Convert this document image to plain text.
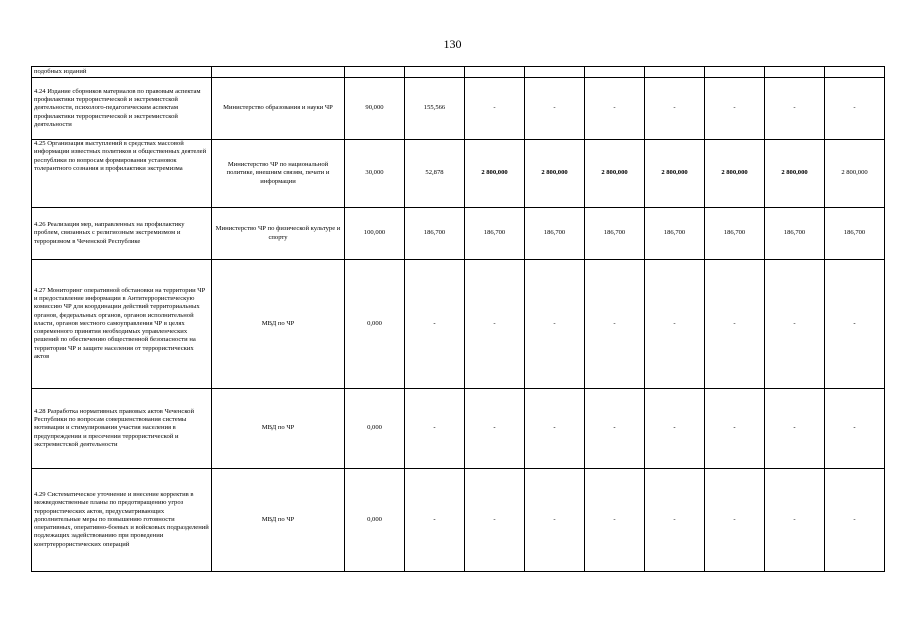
130
подобных изданий										
4.24 Издание сборников материалов по правовым аспектам профилактики террористической и экстремистской деятельности, психолого-педагогическим аспектам профилактики террористической и экстремистской деятельности	Министерство образования и науки ЧР	90,000	155,566	-	-	-	-	-	-	-
4.25 Организация выступлений в средствах массовой информации известных политиков и общественных деятелей республики по вопросам формирования установок толерантного сознания и профилактики экстремизма	Министерство ЧР по национальной политике, внешним связям, печати и информации	30,000	52,878	2 800,000	2 800,000	2 800,000	2 800,000	2 800,000	2 800,000	2 800,000
4.26 Реализация мер, направленных на профилактику проблем, связанных с религиозным экстремизмом и терроризмом в Чеченской Республике	Министерство ЧР по физической культуре и спорту	100,000	186,700	186,700	186,700	186,700	186,700	186,700	186,700	186,700
4.27 Мониторинг оперативной обстановки на территории ЧР и предоставление информации в Антитеррористическую комиссию ЧР для координации действий территориальных органов, федеральных органов, органов исполнительной власти, органов местного самоуправления ЧР в целях современного принятия необходимых управленческих решений по обеспечению общественной безопасности на территории ЧР и защите населения от террористических актов	МВД по ЧР	0,000	-	-	-	-	-	-	-	-
4.28 Разработка нормативных правовых актов Чеченской Республики по вопросам совершенствования системы мотивации и стимулирования участия населения в предупреждении и пресечении террористической и экстремистской деятельности	МВД по ЧР	0,000	-	-	-	-	-	-	-	-
4.29 Систематическое уточнение и внесение корректив в межведомственные планы по предотвращению угроз террористических актов, предусматривающих дополнительные меры по повышению готовности оперативных, оперативно-боевых и войсковых подразделений подлежащих задействованию при проведении контртеррористических операций	МВД по ЧР	0,000	-	-	-	-	-	-	-	-
